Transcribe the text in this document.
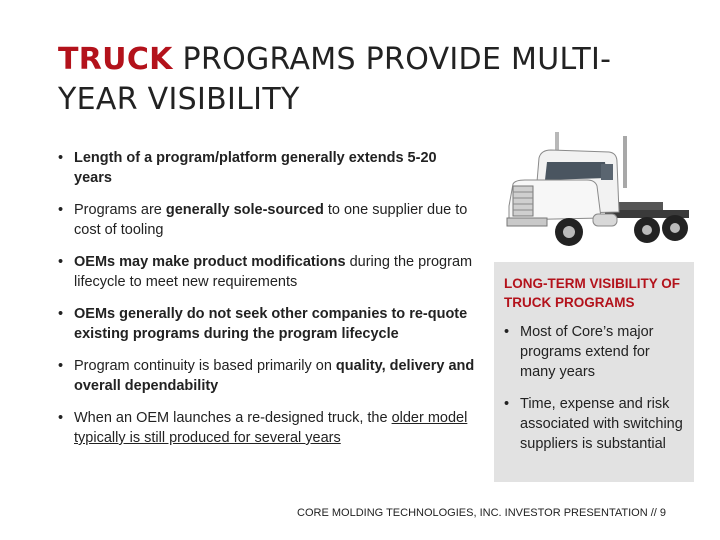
TRUCK PROGRAMS PROVIDE MULTI-YEAR VISIBILITY
• Length of a program/platform generally extends 5-20 years
• Programs are generally sole-sourced to one supplier due to cost of tooling
• OEMs may make product modifications during the program lifecycle to meet new requirements
• OEMs generally do not seek other companies to re-quote existing programs during the program lifecycle
• Program continuity is based primarily on quality, delivery and overall dependability
• When an OEM launches a re-designed truck, the older model typically is still produced for several years

LONG-TERM VISIBILITY OF TRUCK PROGRAMS

• Most of Core’s major programs extend for many years
• Time, expense and risk associated with switching suppliers is substantial
CORE MOLDING TECHNOLOGIES, INC. INVESTOR PRESENTATION // 9
